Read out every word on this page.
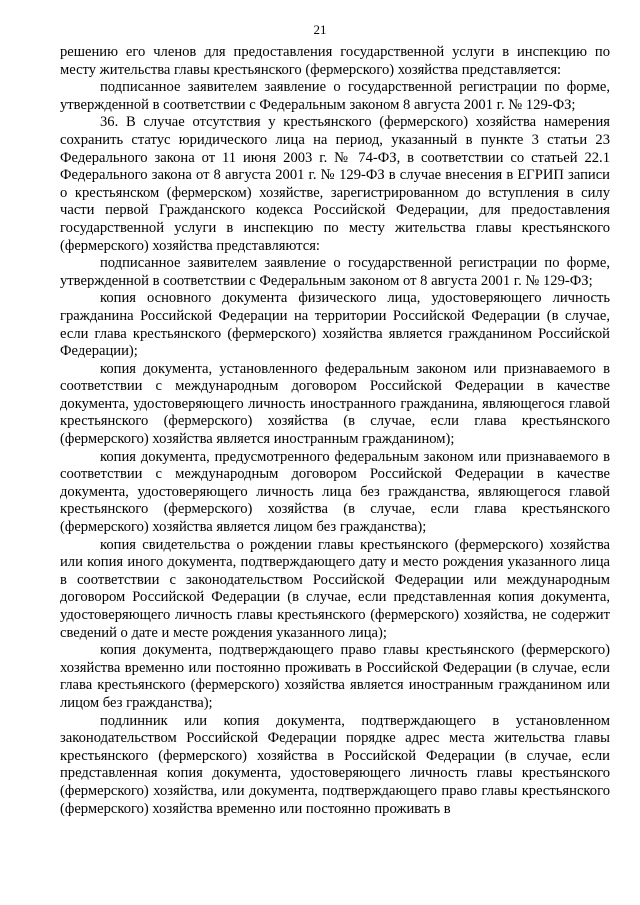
21

решению его членов для предоставления государственной услуги в инспекцию по месту жительства главы крестьянского (фермерского) хозяйства представляется:

подписанное заявителем заявление о государственной регистрации по форме, утвержденной в соответствии с Федеральным законом 8 августа 2001 г. № 129-ФЗ;

36. В случае отсутствия у крестьянского (фермерского) хозяйства намерения сохранить статус юридического лица на период, указанный в пункте 3 статьи 23 Федерального закона от 11 июня 2003 г. № 74-ФЗ, в соответствии со статьей 22.1 Федерального закона от 8 августа 2001 г. № 129-ФЗ в случае внесения в ЕГРИП записи о крестьянском (фермерском) хозяйстве, зарегистрированном до вступления в силу части первой Гражданского кодекса Российской Федерации, для предоставления государственной услуги в инспекцию по месту жительства главы крестьянского (фермерского) хозяйства представляются:

подписанное заявителем заявление о государственной регистрации по форме, утвержденной в соответствии с Федеральным законом от 8 августа 2001 г. № 129-ФЗ;

копия основного документа физического лица, удостоверяющего личность гражданина Российской Федерации на территории Российской Федерации (в случае, если глава крестьянского (фермерского) хозяйства является гражданином Российской Федерации);

копия документа, установленного федеральным законом или признаваемого в соответствии с международным договором Российской Федерации в качестве документа, удостоверяющего личность иностранного гражданина, являющегося главой крестьянского (фермерского) хозяйства (в случае, если глава крестьянского (фермерского) хозяйства является иностранным гражданином);

копия документа, предусмотренного федеральным законом или признаваемого в соответствии с международным договором Российской Федерации в качестве документа, удостоверяющего личность лица без гражданства, являющегося главой крестьянского (фермерского) хозяйства (в случае, если глава крестьянского (фермерского) хозяйства является лицом без гражданства);

копия свидетельства о рождении главы крестьянского (фермерского) хозяйства или копия иного документа, подтверждающего дату и место рождения указанного лица в соответствии с законодательством Российской Федерации или международным договором Российской Федерации (в случае, если представленная копия документа, удостоверяющего личность главы крестьянского (фермерского) хозяйства, не содержит сведений о дате и месте рождения указанного лица);

копия документа, подтверждающего право главы крестьянского (фермерского) хозяйства временно или постоянно проживать в Российской Федерации (в случае, если глава крестьянского (фермерского) хозяйства является иностранным гражданином или лицом без гражданства);

подлинник или копия документа, подтверждающего в установленном законодательством Российской Федерации порядке адрес места жительства главы крестьянского (фермерского) хозяйства в Российской Федерации (в случае, если представленная копия документа, удостоверяющего личность главы крестьянского (фермерского) хозяйства, или документа, подтверждающего право главы крестьянского (фермерского) хозяйства временно или постоянно проживать в
